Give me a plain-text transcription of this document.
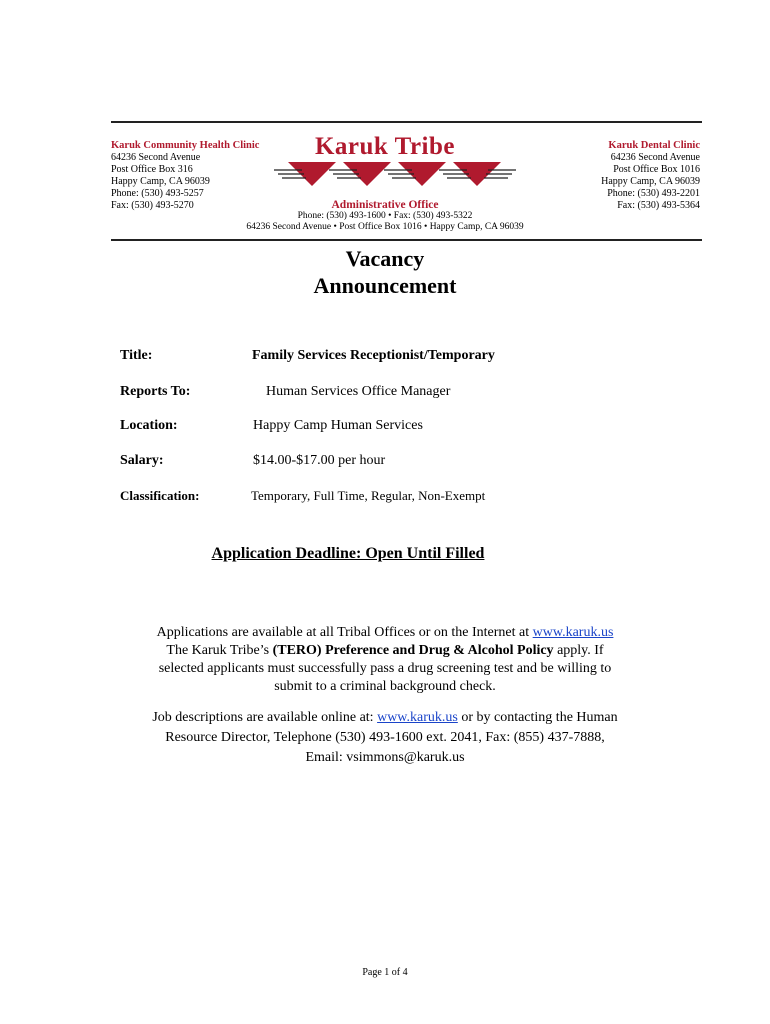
Karuk Community Health Clinic
64236 Second Avenue
Post Office Box 316
Happy Camp, CA 96039
Phone: (530) 493-5257
Fax: (530) 493-5270
Karuk Dental Clinic
64236 Second Avenue
Post Office Box 1016
Happy Camp, CA 96039
Phone: (530) 493-2201
Fax: (530) 493-5364
Karuk Tribe
Administrative Office
Phone: (530) 493-1600 • Fax: (530) 493-5322
64236 Second Avenue • Post Office Box 1016 • Happy Camp, CA 96039
Vacancy
Announcement
Title:	Family Services Receptionist/Temporary
Reports To:	Human Services Office Manager
Location:	Happy Camp Human Services
Salary:	$14.00-$17.00 per hour
Classification:	Temporary, Full Time, Regular, Non-Exempt
Application Deadline: Open Until Filled
Applications are available at all Tribal Offices or on the Internet at www.karuk.us
The Karuk Tribe’s (TERO) Preference and Drug & Alcohol Policy apply. If
selected applicants must successfully pass a drug screening test and be willing to
submit to a criminal background check.
Job descriptions are available online at: www.karuk.us or by contacting the Human
Resource Director, Telephone (530) 493-1600 ext. 2041, Fax: (855) 437-7888,
Email: vsimmons@karuk.us
Page 1 of 4
